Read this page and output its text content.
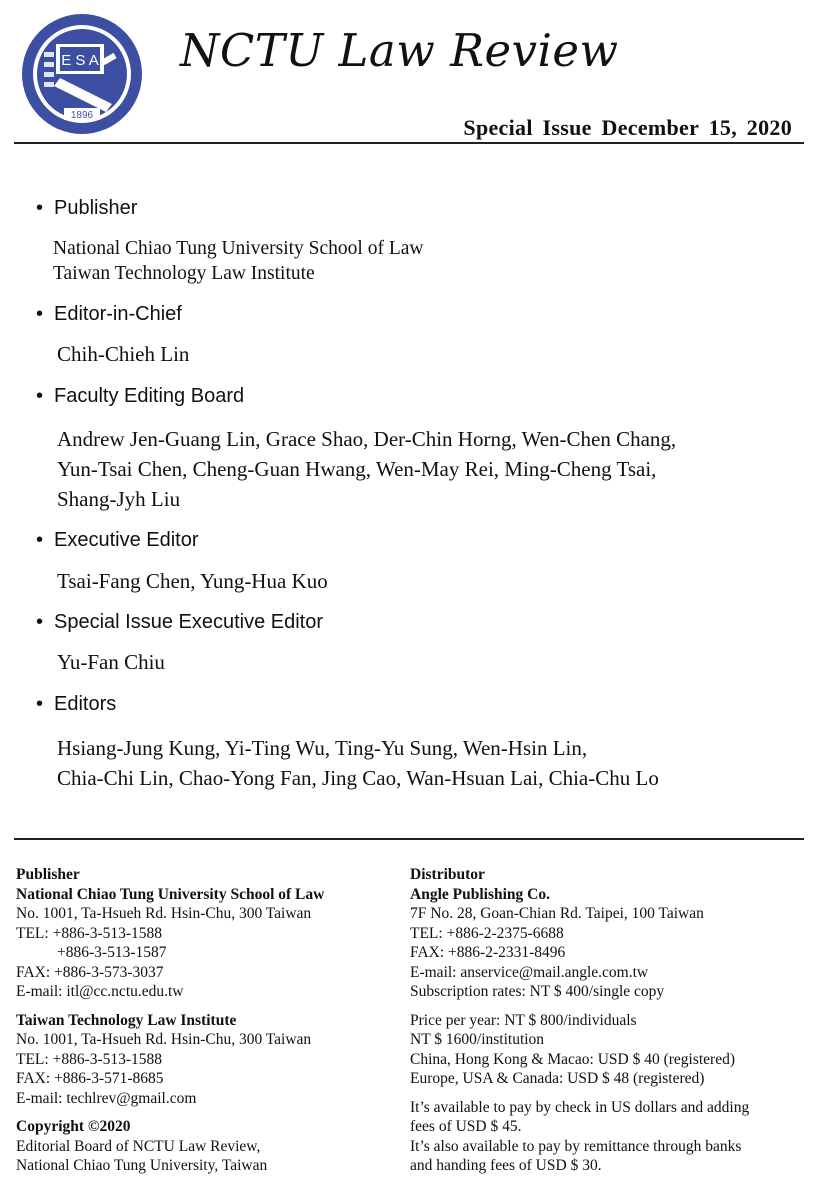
E S A
1896
NCTU Law Review
Special Issue December 15, 2020
• Publisher
National Chiao Tung University School of Law
Taiwan Technology Law Institute
• Editor-in-Chief
Chih-Chieh Lin
• Faculty Editing Board
Andrew Jen-Guang Lin, Grace Shao, Der-Chin Horng, Wen-Chen Chang,
Yun-Tsai Chen, Cheng-Guan Hwang, Wen-May Rei, Ming-Cheng Tsai,
Shang-Jyh Liu
• Executive Editor
Tsai-Fang Chen, Yung-Hua Kuo
• Special Issue Executive Editor
Yu-Fan Chiu
• Editors
Hsiang-Jung Kung, Yi-Ting Wu, Ting-Yu Sung, Wen-Hsin Lin,
Chia-Chi Lin, Chao-Yong Fan, Jing Cao, Wan-Hsuan Lai, Chia-Chu Lo
Publisher
National Chiao Tung University School of Law
No. 1001, Ta-Hsueh Rd. Hsin-Chu, 300 Taiwan
TEL: +886-3-513-1588
+886-3-513-1587
FAX: +886-3-573-3037
E-mail: itl@cc.nctu.edu.tw
Taiwan Technology Law Institute
No. 1001, Ta-Hsueh Rd. Hsin-Chu, 300 Taiwan
TEL: +886-3-513-1588
FAX: +886-3-571-8685
E-mail: techlrev@gmail.com
Copyright ©2020
Editorial Board of NCTU Law Review,
National Chiao Tung University, Taiwan
Distributor
Angle Publishing Co.
7F No. 28, Goan-Chian Rd. Taipei, 100 Taiwan
TEL: +886-2-2375-6688
FAX: +886-2-2331-8496
E-mail: anservice@mail.angle.com.tw
Subscription rates: NT $ 400/single copy
Price per year: NT $ 800/individuals
NT $ 1600/institution
China, Hong Kong & Macao: USD $ 40 (registered)
Europe, USA & Canada: USD $ 48 (registered)
It’s available to pay by check in US dollars and adding
fees of USD $ 45.
It’s also available to pay by remittance through banks
and handing fees of USD $ 30.
